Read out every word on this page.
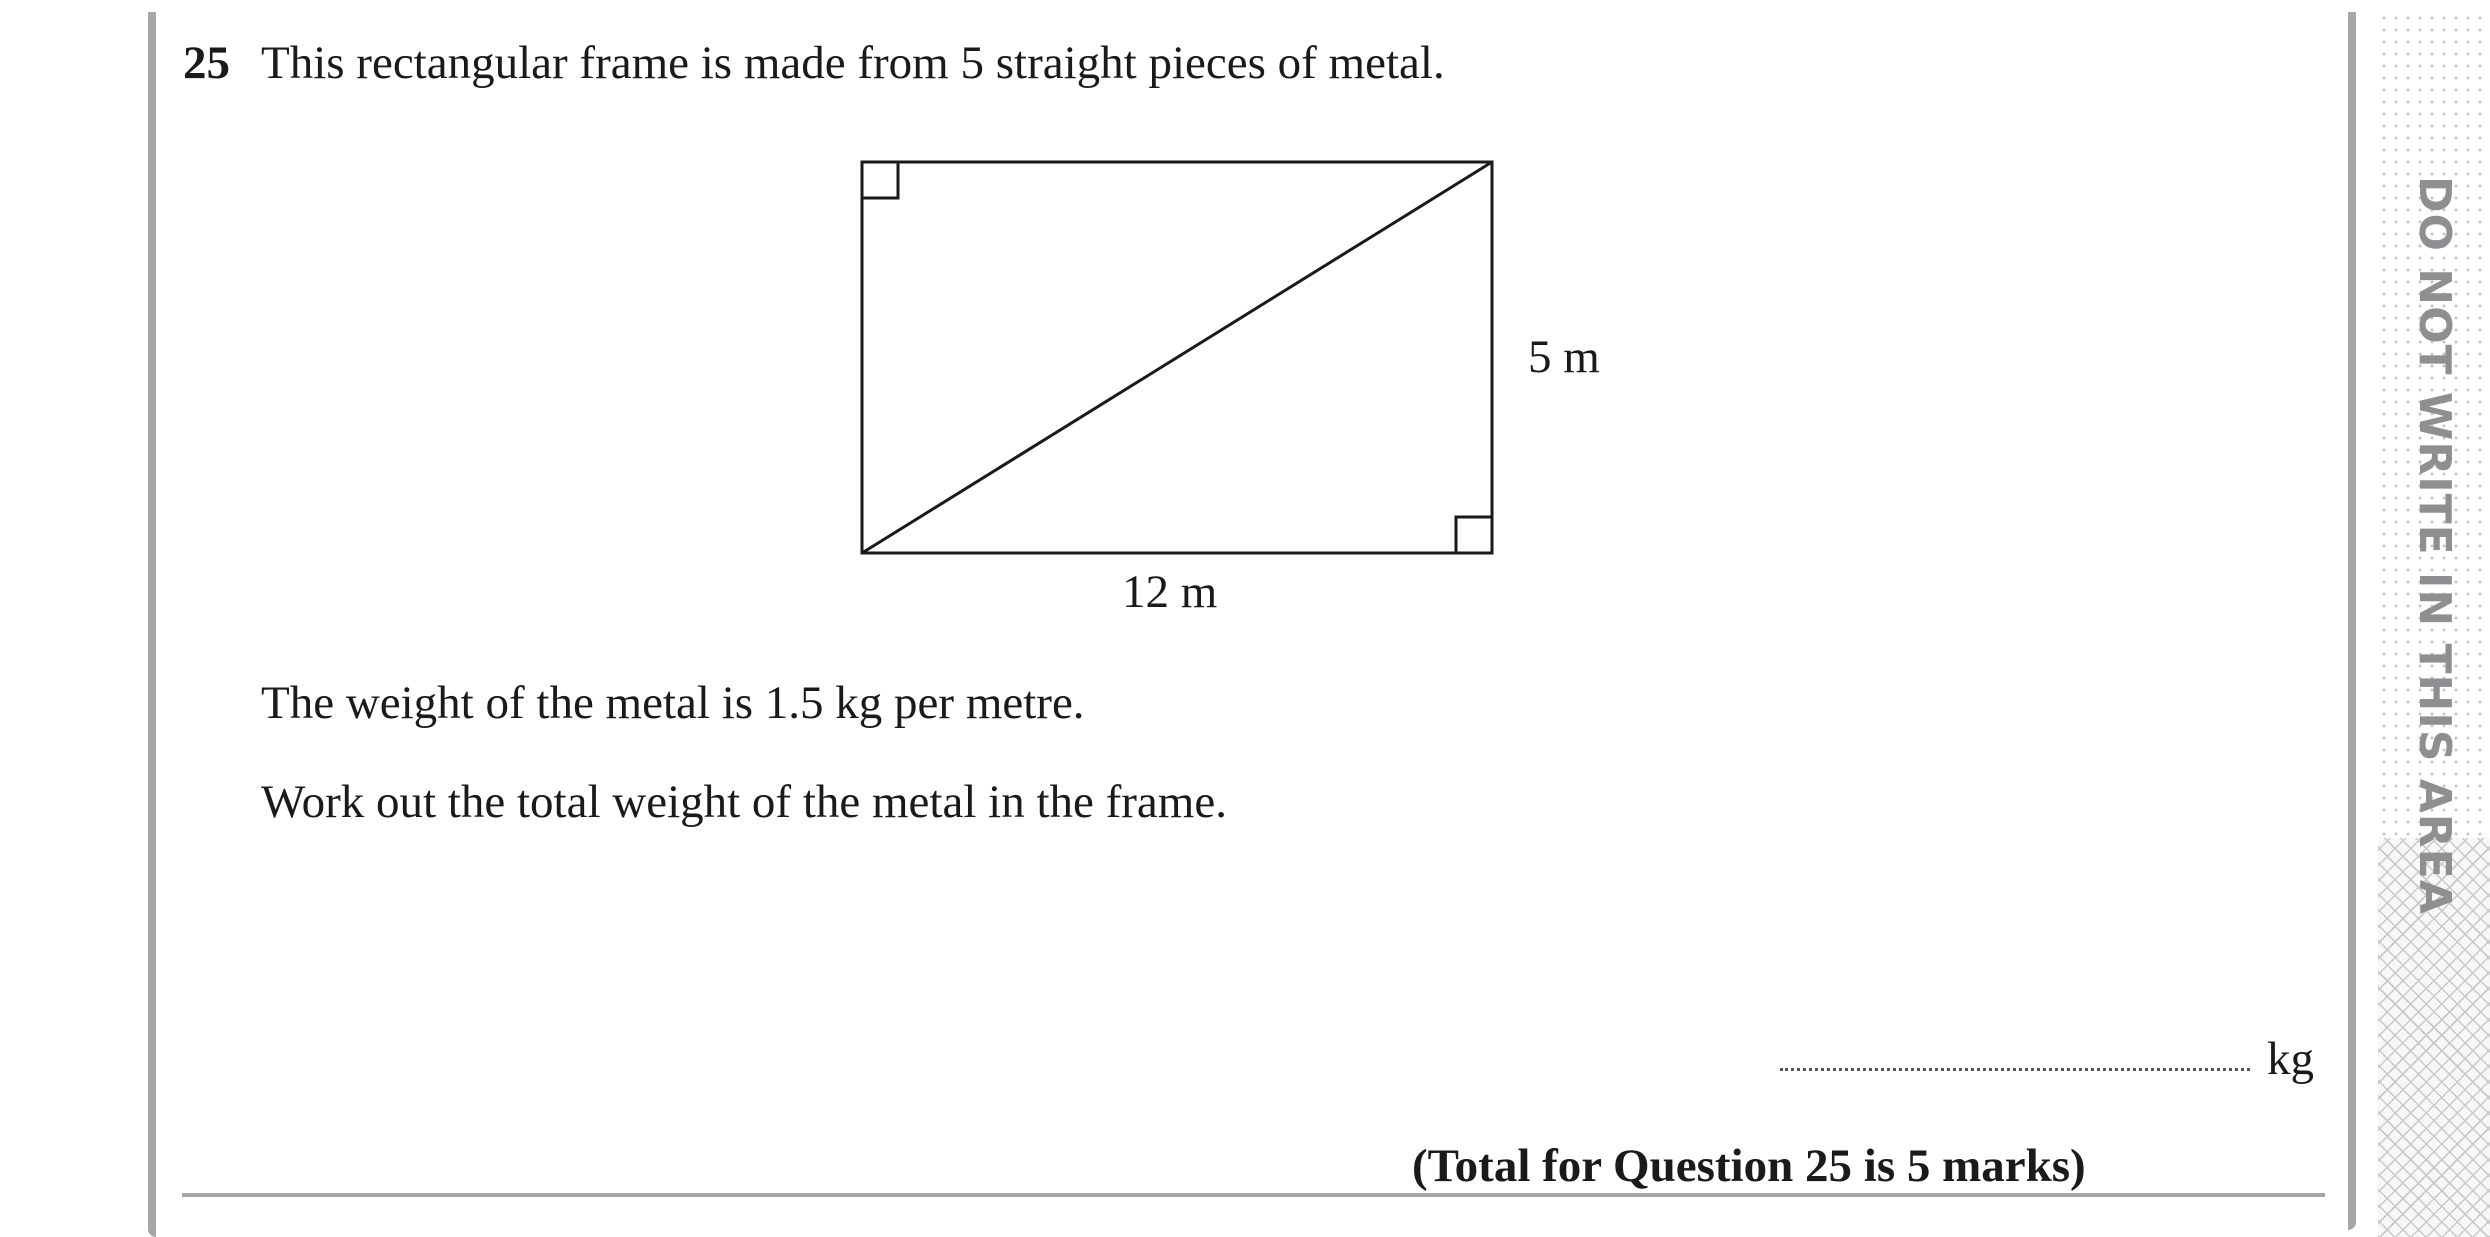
DO NOT WRITE IN THIS AREA
25 This rectangular frame is made from 5 straight pieces of metal.
5 m
12 m
The weight of the metal is 1.5 kg per metre.
Work out the total weight of the metal in the frame.
kg
(Total for Question 25 is 5 marks)
